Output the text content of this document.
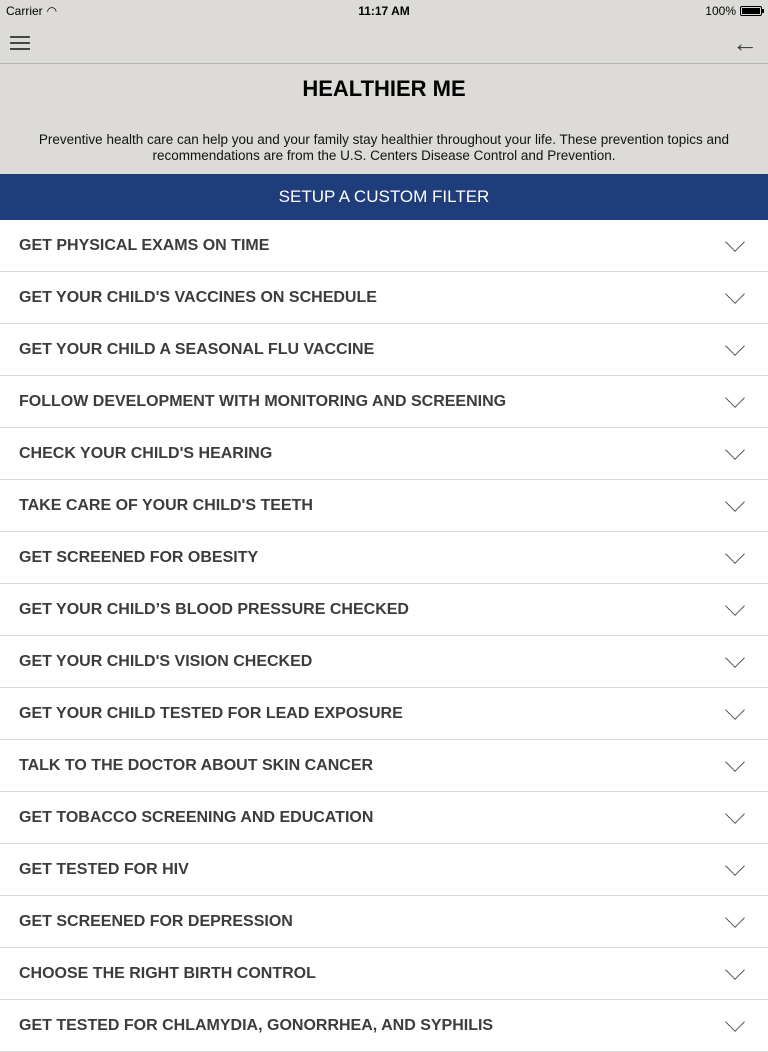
Carrier ◠	11:17 AM	100%
←
HEALTHIER ME
Preventive health care can help you and your family stay healthier throughout your life. These prevention topics and recommendations are from the U.S. Centers Disease Control and Prevention.
SETUP A CUSTOM FILTER
GET PHYSICAL EXAMS ON TIME
GET YOUR CHILD'S VACCINES ON SCHEDULE
GET YOUR CHILD A SEASONAL FLU VACCINE
FOLLOW DEVELOPMENT WITH MONITORING AND SCREENING
CHECK YOUR CHILD'S HEARING
TAKE CARE OF YOUR CHILD'S TEETH
GET SCREENED FOR OBESITY
GET YOUR CHILD’S BLOOD PRESSURE CHECKED
GET YOUR CHILD'S VISION CHECKED
GET YOUR CHILD TESTED FOR LEAD EXPOSURE
TALK TO THE DOCTOR ABOUT SKIN CANCER
GET TOBACCO SCREENING AND EDUCATION
GET TESTED FOR HIV
GET SCREENED FOR DEPRESSION
CHOOSE THE RIGHT BIRTH CONTROL
GET TESTED FOR CHLAMYDIA, GONORRHEA, AND SYPHILIS
